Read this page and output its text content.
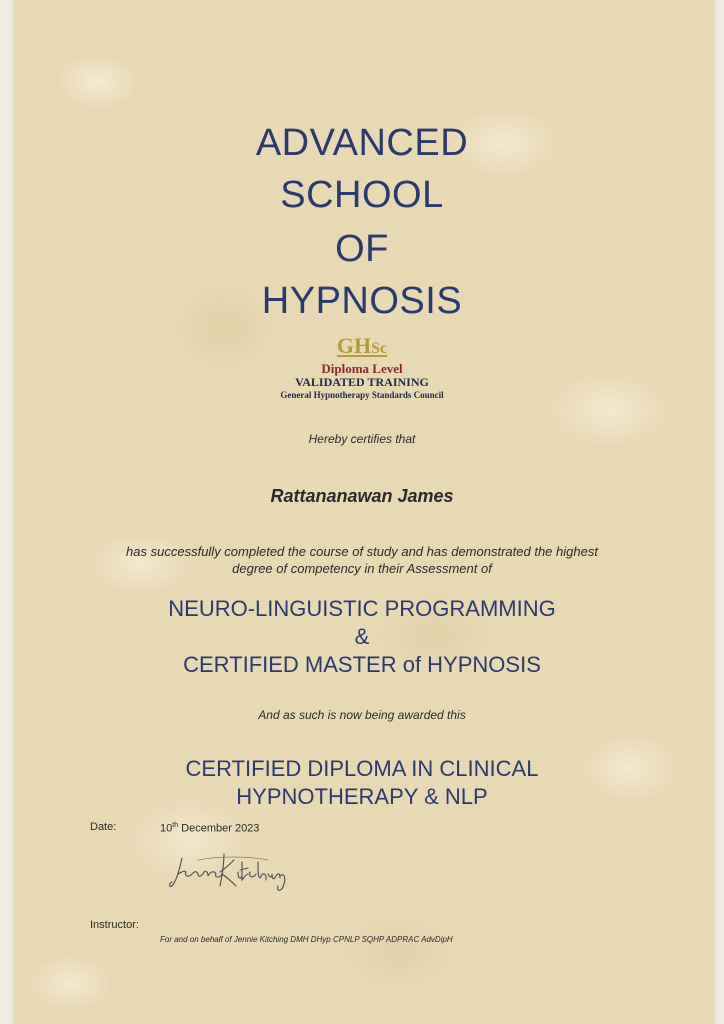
ADVANCED
SCHOOL
OF
HYPNOSIS
GHSc
Diploma Level
VALIDATED TRAINING
General Hypnotherapy Standards Council
Hereby certifies that
Rattananawan James
has successfully completed the course of study and has demonstrated the highest
degree of competency in their Assessment of
NEURO-LINGUISTIC PROGRAMMING
&
CERTIFIED MASTER of HYPNOSIS
And as such is now being awarded this
CERTIFIED DIPLOMA IN CLINICAL
HYPNOTHERAPY & NLP
Date:	10th December 2023
Instructor:
For and on behalf of Jennie Kitching DMH DHyp CPNLP SQHP ADPRAC AdvDipH
